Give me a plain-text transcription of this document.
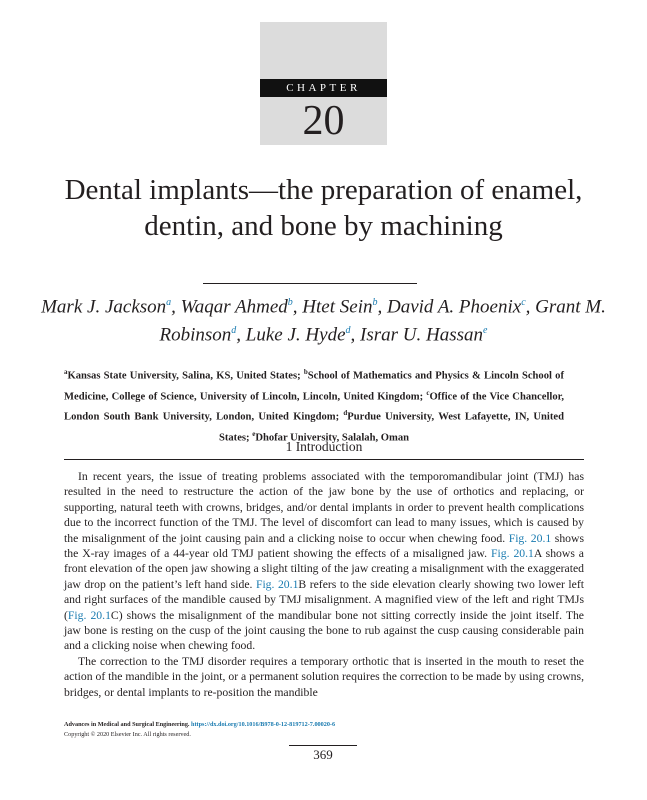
CHAPTER
20
Dental implants—the preparation of enamel, dentin, and bone by machining
Mark J. Jackson$^a$, Waqar Ahmed$^b$, Htet Sein$^b$, David A. Phoenix$^c$, Grant M. Robinson$^d$, Luke J. Hyde$^d$, Israr U. Hassan$^e$
$^a$Kansas State University, Salina, KS, United States; $^b$School of Mathematics and Physics & Lincoln School of Medicine, College of Science, University of Lincoln, Lincoln, United Kingdom; $^c$Office of the Vice Chancellor, London South Bank University, London, United Kingdom; $^d$Purdue University, West Lafayette, IN, United States; $^e$Dhofar University, Salalah, Oman
1 Introduction

In recent years, the issue of treating problems associated with the temporomandibular joint (TMJ) has resulted in the need to restructure the action of the jaw bone by the use of orthotics and replacing, or supporting, natural teeth with crowns, bridges, and/or dental implants in order to prevent health complications due to the incorrect function of the TMJ. The level of discomfort can lead to many issues, which is caused by the misalignment of the joint causing pain and a clicking noise to occur when chewing food. Fig. 20.1 shows the X-ray images of a 44-year old TMJ patient showing the effects of a misaligned jaw. Fig. 20.1A shows a front elevation of the open jaw showing a slight tilting of the jaw creating a misalignment with the exaggerated jaw drop on the patient’s left hand side. Fig. 20.1B refers to the side elevation clearly showing two lower left and right surfaces of the mandible caused by TMJ misalignment. A magnified view of the left and right TMJs (Fig. 20.1C) shows the misalignment of the mandibular bone not sitting correctly inside the joint itself. The jaw bone is resting on the cusp of the joint causing the bone to rub against the cusp causing considerable pain and a clicking noise when chewing food.

The correction to the TMJ disorder requires a temporary orthotic that is inserted in the mouth to reset the action of the mandible in the joint, or a permanent solution requires the correction to be made by using crowns, bridges, or dental implants to re-position the mandible

Advances in Medical and Surgical Engineering. https://dx.doi.org/10.1016/B978-0-12-819712-7.00020-6
Copyright © 2020 Elsevier Inc. All rights reserved.
369
